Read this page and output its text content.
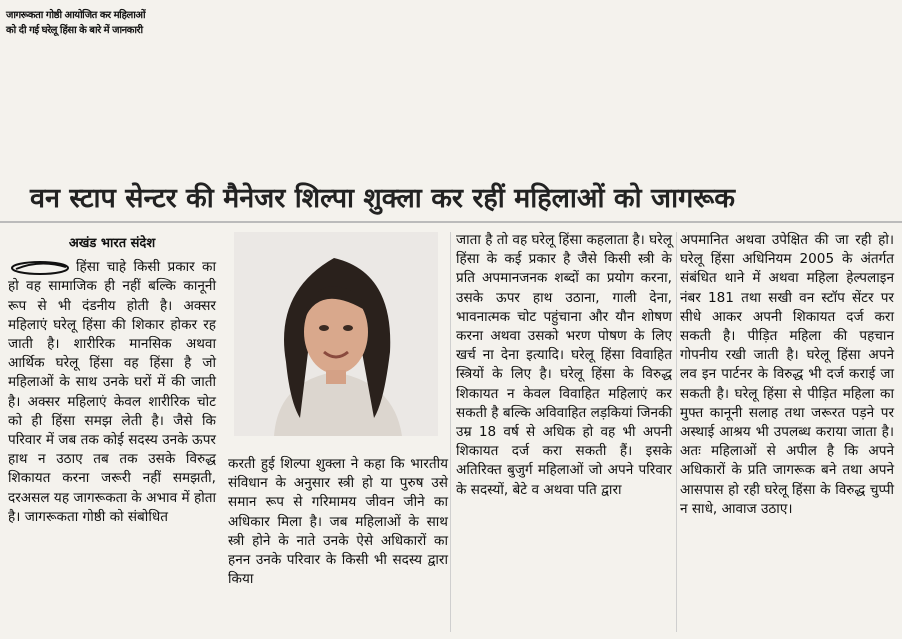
जागरूकता गोष्ठी आयोजित कर महिलाओं
को दी गई घरेलू हिंसा के बारे में जानकारी
वन स्टाप सेन्टर की मैनेजर शिल्पा शुक्ला कर रहीं महिलाओं को जागरूक
अखंड भारत संदेश

हिंसा चाहे किसी प्रकार का हो वह सामाजिक ही नहीं बल्कि कानूनी रूप से भी दंडनीय होती है। अक्सर महिलाएं घरेलू हिंसा की शिकार होकर रह जाती है। शारीरिक मानसिक अथवा आर्थिक घरेलू हिंसा वह हिंसा है जो महिलाओं के साथ उनके घरों में की जाती है। अक्सर महिलाएं केवल शारीरिक चोट को ही हिंसा समझ लेती है। जैसे कि परिवार में जब तक कोई सदस्य उनके ऊपर हाथ न उठाए तब तक उसके विरुद्ध शिकायत करना जरूरी नहीं समझती, दरअसल यह जागरूकता के अभाव में होता है। जागरूकता गोष्ठी को संबोधित

करती हुई शिल्पा शुक्ला ने कहा कि भारतीय संविधान के अनुसार स्त्री हो या पुरुष उसे समान रूप से गरिमामय जीवन जीने का अधिकार मिला है। जब महिलाओं के साथ स्त्री होने के नाते उनके ऐसे अधिकारों का हनन उनके परिवार के किसी भी सदस्य द्वारा किया

जाता है तो वह घरेलू हिंसा कहलाता है। घरेलू हिंसा के कई प्रकार है जैसे किसी स्त्री के प्रति अपमानजनक शब्दों का प्रयोग करना, उसके ऊपर हाथ उठाना, गाली देना, भावनात्मक चोट पहुंचाना और यौन शोषण करना अथवा उसको भरण पोषण के लिए खर्च ना देना इत्यादि। घरेलू हिंसा विवाहित स्त्रियों के लिए है। घरेलू हिंसा के विरुद्ध शिकायत न केवल विवाहित महिलाएं कर सकती है बल्कि अविवाहित लड़कियां जिनकी उम्र 18 वर्ष से अधिक हो वह भी अपनी शिकायत दर्ज करा सकती हैं। इसके अतिरिक्त बुजुर्ग महिलाओं जो अपने परिवार के सदस्यों, बेटे व अथवा पति द्वारा

अपमानित अथवा उपेक्षित की जा रही हो। घरेलू हिंसा अधिनियम 2005 के अंतर्गत संबंधित थाने में अथवा महिला हेल्पलाइन नंबर 181 तथा सखी वन स्टॉप सेंटर पर सीधे आकर अपनी शिकायत दर्ज करा सकती है। पीड़ित महिला की पहचान गोपनीय रखी जाती है। घरेलू हिंसा अपने लव इन पार्टनर के विरुद्ध भी दर्ज कराई जा सकती है। घरेलू हिंसा से पीड़ित महिला का मुफ्त कानूनी सलाह तथा जरूरत पड़ने पर अस्थाई आश्रय भी उपलब्ध कराया जाता है। अतः महिलाओं से अपील है कि अपने अधिकारों के प्रति जागरूक बने तथा अपने आसपास हो रही घरेलू हिंसा के विरुद्ध चुप्पी न साधे, आवाज उठाए।
